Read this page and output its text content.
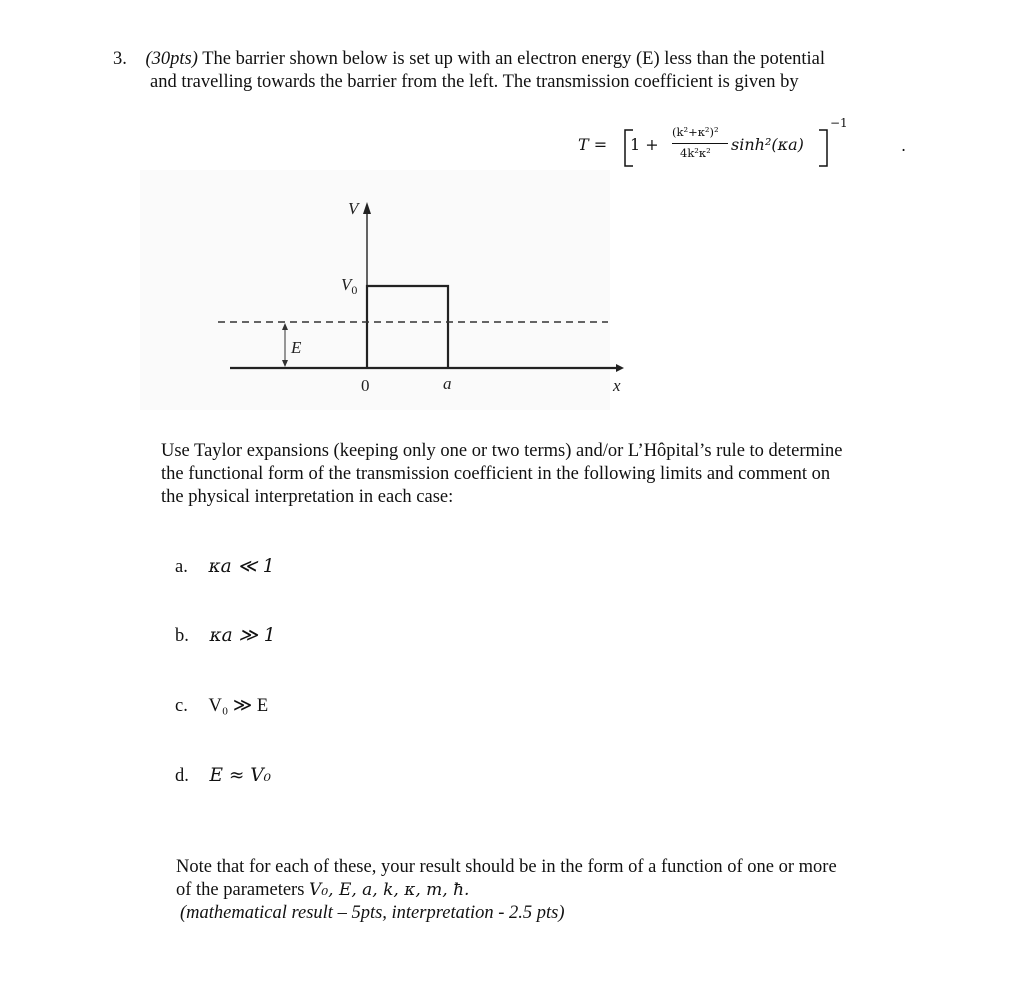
3. (30pts) The barrier shown below is set up with an electron energy (E) less than the potential
and travelling towards the barrier from the left. The transmission coefficient is given by
T = 1 +
(k²+κ²)²
4k²κ² sinh²(κa)
−1
.
V
$V_0$
E
0	a	x
Use Taylor expansions (keeping only one or two terms) and/or L’Hôpital’s rule to determine
the functional form of the transmission coefficient in the following limits and comment on
the physical interpretation in each case:
a. κa ≪ 1
b. κa ≫ 1
c. V₀ ≫ E
d. E ≈ V₀
Note that for each of these, your result should be in the form of a function of one or more
of the parameters V₀, E, a, k, κ, m, ħ.
(mathematical result – 5pts, interpretation - 2.5 pts)
